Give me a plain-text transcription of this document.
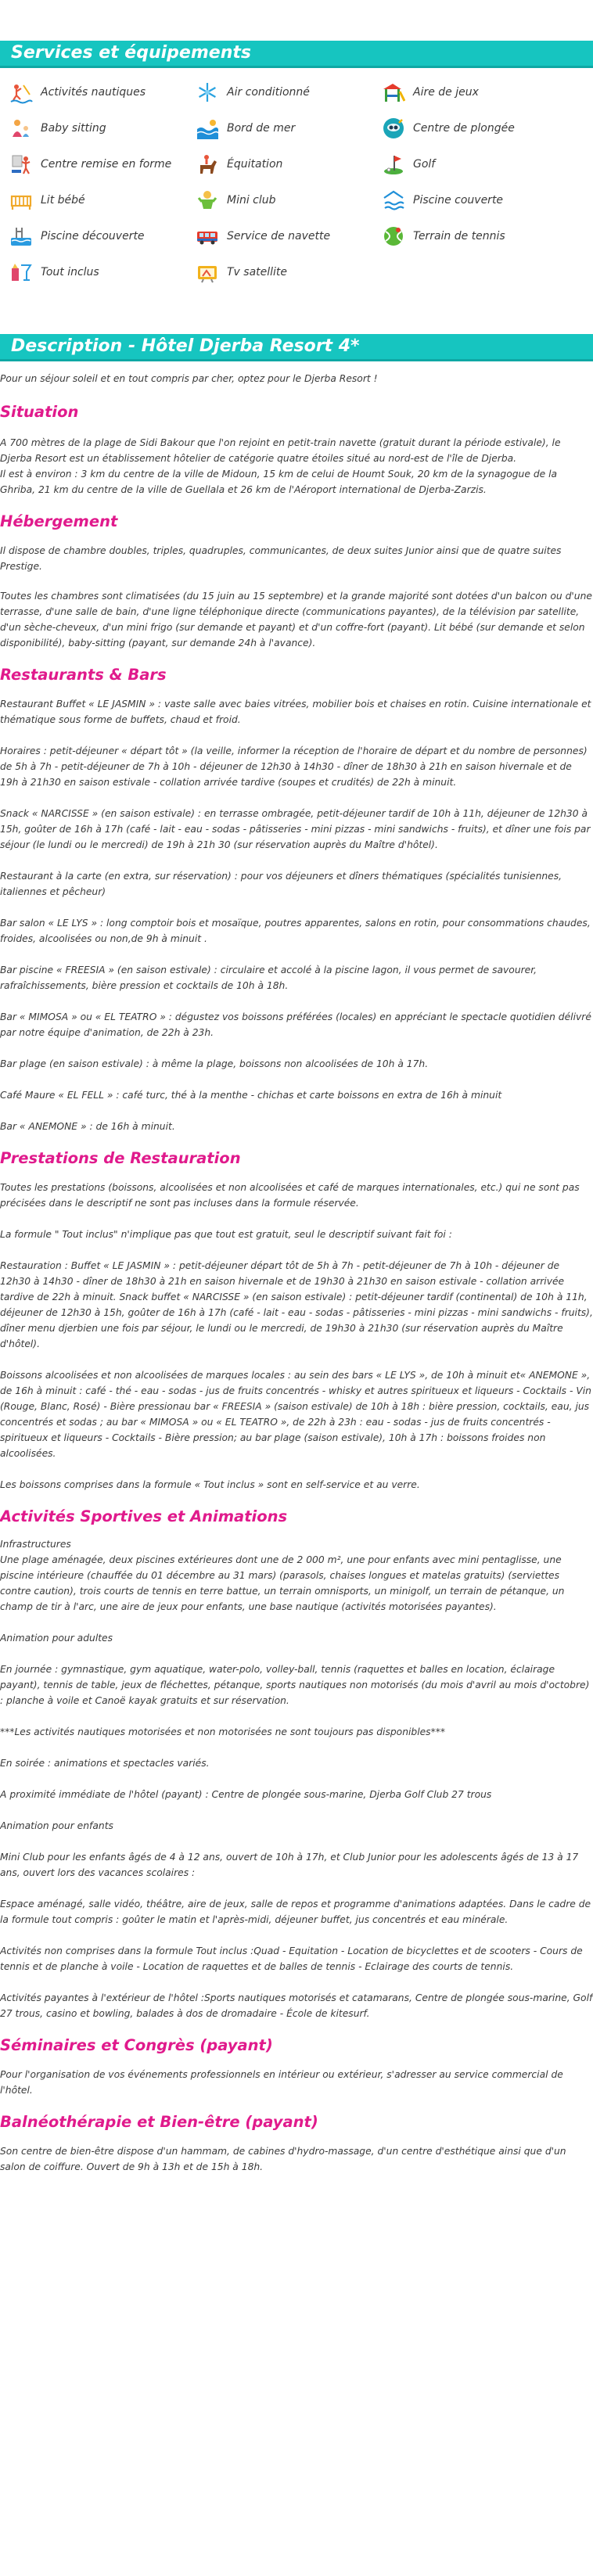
Services et équipements
Activités nautiques	Air conditionné	Aire de jeux
Baby sitting	Bord de mer	Centre de plongée
Centre remise en forme	Équitation	Golf
Lit bébé	Mini club	Piscine couverte
Piscine découverte	Service de navette	Terrain de tennis
Tout inclus	Tv satellite
Description - Hôtel Djerba Resort 4*

Pour un séjour soleil et en tout compris par cher, optez pour le Djerba Resort !

Situation

A 700 mètres de la plage de Sidi Bakour que l'on rejoint en petit-train navette (gratuit durant la période estivale), le Djerba Resort est un établissement hôtelier de catégorie quatre étoiles situé au nord-est de l'île de Djerba.
Il est à environ : 3 km du centre de la ville de Midoun, 15 km de celui de Houmt Souk, 20 km de la synagogue de la Ghriba, 21 km du centre de la ville de Guellala et 26 km de l'Aéroport international de Djerba-Zarzis.

Hébergement

Il dispose de chambre doubles, triples, quadruples, communicantes, de deux suites Junior ainsi que de quatre suites Prestige.

Toutes les chambres sont climatisées (du 15 juin au 15 septembre) et la grande majorité sont dotées d'un balcon ou d'une terrasse, d'une salle de bain, d'une ligne téléphonique directe (communications payantes), de la télévision par satellite, d'un sèche-cheveux, d'un mini frigo (sur demande et payant) et d'un coffre-fort (payant). Lit bébé (sur demande et selon disponibilité), baby-sitting (payant, sur demande 24h à l'avance).

Restaurants & Bars

Restaurant Buffet « LE JASMIN » : vaste salle avec baies vitrées, mobilier bois et chaises en rotin. Cuisine internationale et thématique sous forme de buffets, chaud et froid.

Horaires : petit-déjeuner « départ tôt » (la veille, informer la réception de l'horaire de départ et du nombre de personnes) de 5h à 7h - petit-déjeuner de 7h à 10h - déjeuner de 12h30 à 14h30 - dîner de 18h30 à 21h en saison hivernale et de 19h à 21h30 en saison estivale - collation arrivée tardive (soupes et crudités) de 22h à minuit.

Snack « NARCISSE » (en saison estivale) : en terrasse ombragée, petit-déjeuner tardif de 10h à 11h, déjeuner de 12h30 à 15h, goûter de 16h à 17h (café - lait - eau - sodas - pâtisseries - mini pizzas - mini sandwichs - fruits), et dîner une fois par séjour (le lundi ou le mercredi) de 19h à 21h 30 (sur réservation auprès du Maître d'hôtel).

Restaurant à la carte (en extra, sur réservation) : pour vos déjeuners et dîners thématiques (spécialités tunisiennes, italiennes et pêcheur)

Bar salon « LE LYS » : long comptoir bois et mosaïque, poutres apparentes, salons en rotin, pour consommations chaudes, froides, alcoolisées ou non,de 9h à minuit .

Bar piscine « FREESIA » (en saison estivale) : circulaire et accolé à la piscine lagon, il vous permet de savourer, rafraîchissements, bière pression et cocktails de 10h à 18h.

Bar « MIMOSA » ou « EL TEATRO » : dégustez vos boissons préférées (locales) en appréciant le spectacle quotidien délivré par notre équipe d'animation, de 22h à 23h.

Bar plage (en saison estivale) : à même la plage, boissons non alcoolisées de 10h à 17h.

Café Maure « EL FELL » : café turc, thé à la menthe - chichas et carte boissons en extra de 16h à minuit

Bar « ANEMONE » : de 16h à minuit.

Prestations de Restauration

Toutes les prestations (boissons, alcoolisées et non alcoolisées et café de marques internationales, etc.) qui ne sont pas précisées dans le descriptif ne sont pas incluses dans la formule réservée.

La formule " Tout inclus" n'implique pas que tout est gratuit, seul le descriptif suivant fait foi :

Restauration : Buffet « LE JASMIN » : petit-déjeuner départ tôt de 5h à 7h - petit-déjeuner de 7h à 10h - déjeuner de 12h30 à 14h30 - dîner de 18h30 à 21h en saison hivernale et de 19h30 à 21h30 en saison estivale - collation arrivée tardive de 22h à minuit. Snack buffet « NARCISSE » (en saison estivale) : petit-déjeuner tardif (continental) de 10h à 11h, déjeuner de 12h30 à 15h, goûter de 16h à 17h (café - lait - eau - sodas - pâtisseries - mini pizzas - mini sandwichs - fruits), dîner menu djerbien une fois par séjour, le lundi ou le mercredi, de 19h30 à 21h30 (sur réservation auprès du Maître d'hôtel).

Boissons alcoolisées et non alcoolisées de marques locales : au sein des bars « LE LYS », de 10h à minuit et« ANEMONE », de 16h à minuit : café - thé - eau - sodas - jus de fruits concentrés - whisky et autres spiritueux et liqueurs - Cocktails - Vin (Rouge, Blanc, Rosé) - Bière pressionau bar « FREESIA » (saison estivale) de 10h à 18h : bière pression, cocktails, eau, jus concentrés et sodas ; au bar « MIMOSA » ou « EL TEATRO », de 22h à 23h : eau - sodas - jus de fruits concentrés - spiritueux et liqueurs - Cocktails - Bière pression; au bar plage (saison estivale), 10h à 17h : boissons froides non alcoolisées.

Les boissons comprises dans la formule « Tout inclus » sont en self-service et au verre.

Activités Sportives et Animations

Infrastructures
Une plage aménagée, deux piscines extérieures dont une de 2 000 m², une pour enfants avec mini pentaglisse, une piscine intérieure (chauffée du 01 décembre au 31 mars) (parasols, chaises longues et matelas gratuits) (serviettes contre caution), trois courts de tennis en terre battue, un terrain omnisports, un minigolf, un terrain de pétanque, un champ de tir à l'arc, une aire de jeux pour enfants, une base nautique (activités motorisées payantes).

Animation pour adultes

En journée : gymnastique, gym aquatique, water-polo, volley-ball, tennis (raquettes et balles en location, éclairage payant), tennis de table, jeux de fléchettes, pétanque, sports nautiques non motorisés (du mois d'avril au mois d'octobre) : planche à voile et Canoë kayak gratuits et sur réservation.

***Les activités nautiques motorisées et non motorisées ne sont toujours pas disponibles***

En soirée : animations et spectacles variés.

A proximité immédiate de l'hôtel (payant) : Centre de plongée sous-marine, Djerba Golf Club 27 trous

Animation pour enfants

Mini Club pour les enfants âgés de 4 à 12 ans, ouvert de 10h à 17h, et Club Junior pour les adolescents âgés de 13 à 17 ans, ouvert lors des vacances scolaires :

Espace aménagé, salle vidéo, théâtre, aire de jeux, salle de repos et programme d'animations adaptées. Dans le cadre de la formule tout compris : goûter le matin et l'après-midi, déjeuner buffet, jus concentrés et eau minérale.

Activités non comprises dans la formule Tout inclus :Quad - Equitation - Location de bicyclettes et de scooters - Cours de tennis et de planche à voile - Location de raquettes et de balles de tennis - Eclairage des courts de tennis.

Activités payantes à l'extérieur de l'hôtel :Sports nautiques motorisés et catamarans, Centre de plongée sous-marine, Golf 27 trous, casino et bowling, balades à dos de dromadaire - École de kitesurf.

Séminaires et Congrès (payant)

Pour l'organisation de vos événements professionnels en intérieur ou extérieur, s'adresser au service commercial de l'hôtel.

Balnéothérapie et Bien-être (payant)

Son centre de bien-être dispose d'un hammam, de cabines d'hydro-massage, d'un centre d'esthétique ainsi que d'un salon de coiffure. Ouvert de 9h à 13h et de 15h à 18h.
